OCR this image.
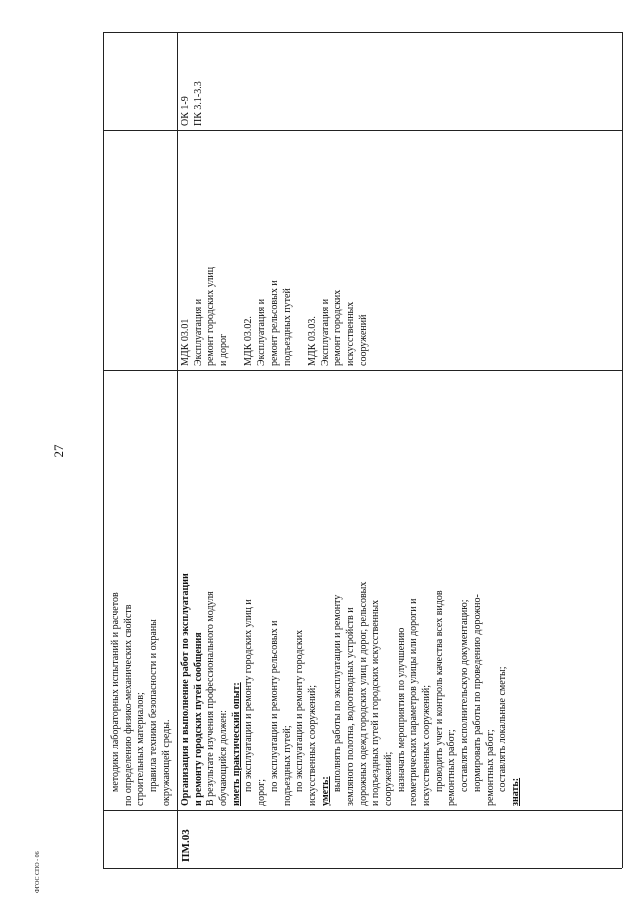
27
ФГОС СПО - 06
методики лабораторных испытаний и расчетов по определению физико-механических свойств строительных материалов; правила техники безопасности и охраны окружающей среды.
ПМ.03
Организация и выполнение работ по эксплуатации и ремонту городских путей сообщения В результате изучения профессионального модуля обучающийся должен: иметь практический опыт: по эксплуатации и ремонту городских улиц и
дорог;
по эксплуатации и ремонту рельсовых и подъездных путей; по эксплуатации и ремонту городских искусственных сооружений; уметь: выполнять работы по эксплуатации и ремонту земляного полотна, водоотводных устройств и дорожных одежд городских улиц и дорог, рельсовых и подъездных путей и городских искусственных сооружений; назначать мероприятия по улучшению геометрических параметров улицы или дороги и искусственных сооружений; проводить учет и контроль качества всех видов ремонтных работ; составлять исполнительскую документацию; нормировать работы по проведению дорожно- ремонтных работ; составлять локальные сметы; знать:
МДК 03.01 Эксплуатация и ремонт городских улиц и дорог
МДК 03.02. Эксплуатация и ремонт рельсовых и подъездных путей
МДК 03.03. Эксплуатация и ремонт городских искусственных сооружений
ОК 1-9 ПК 3.1-3.3
